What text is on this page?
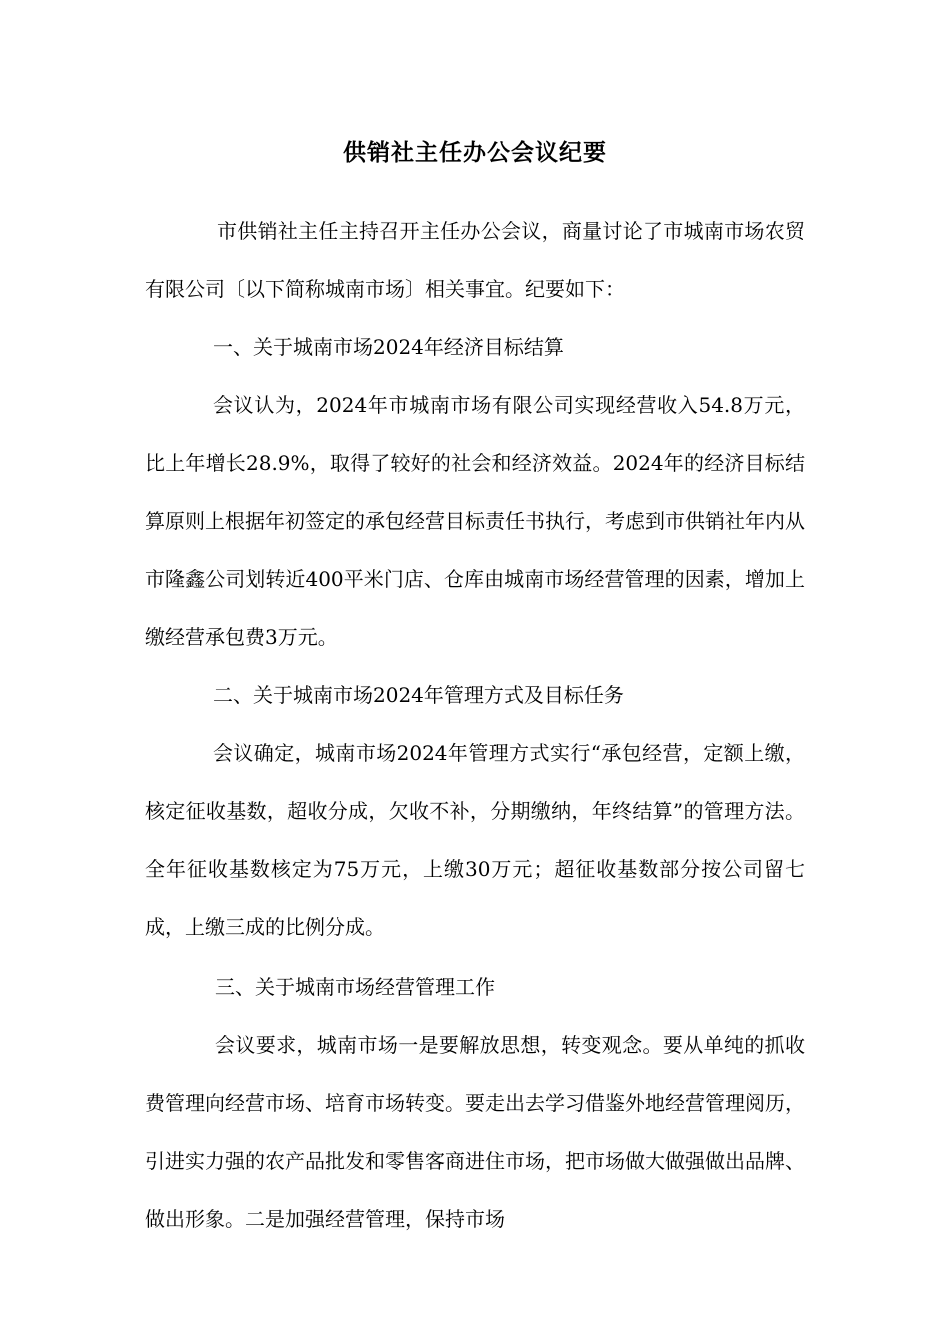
供销社主任办公会议纪要

市供销社主任主持召开主任办公会议，商量讨论了市城南市场农贸有限公司〔以下简称城南市场〕相关事宜。纪要如下：

一、关于城南市场2024年经济目标结算

会议认为，2024年市城南市场有限公司实现经营收入54.8万元，比上年增长28.9%，取得了较好的社会和经济效益。2024年的经济目标结算原则上根据年初签定的承包经营目标责任书执行，考虑到市供销社年内从市隆鑫公司划转近400平米门店、仓库由城南市场经营管理的因素，增加上缴经营承包费3万元。

二、关于城南市场2024年管理方式及目标任务

会议确定，城南市场2024年管理方式实行“承包经营，定额上缴，核定征收基数，超收分成，欠收不补，分期缴纳，年终结算”的管理方法。全年征收基数核定为75万元，上缴30万元；超征收基数部分按公司留七成，上缴三成的比例分成。

三、关于城南市场经营管理工作

会议要求，城南市场一是要解放思想，转变观念。要从单纯的抓收费管理向经营市场、培育市场转变。要走出去学习借鉴外地经营管理阅历，引进实力强的农产品批发和零售客商进住市场，把市场做大做强做出品牌、做出形象。二是加强经营管理，保持市场
